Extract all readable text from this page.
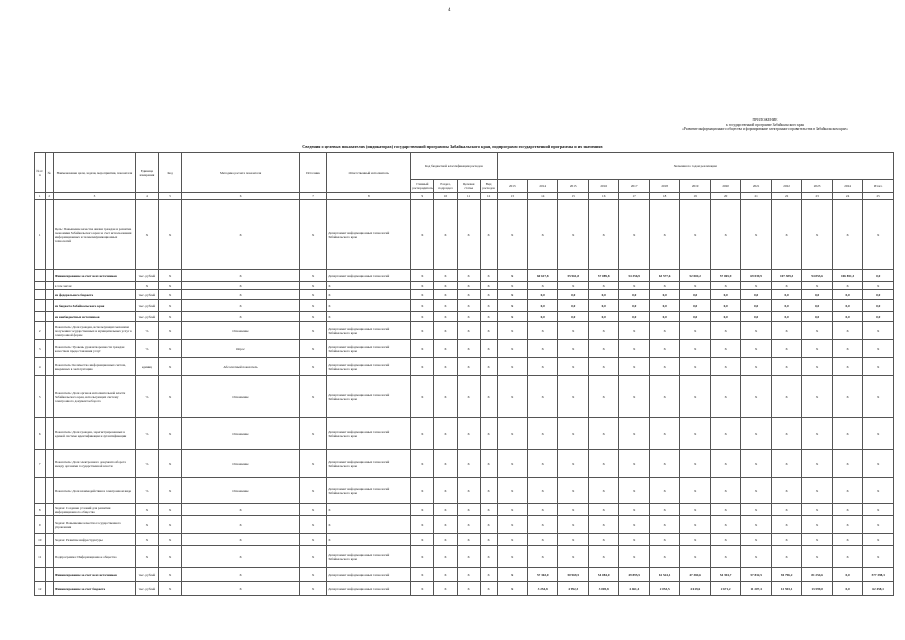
4
ПРИЛОЖЕНИЕ
к государственной программе Забайкальского края
«Развитие информационного общества и формирование электронного правительства в Забайкальском крае»
Сведения о целевых показателях (индикаторах) государственной программы Забайкальского края, подпрограмм государственной программы и их значениях
№ п/п	№	Наименование цели, задачи, мероприятия, показателя	Единица измерения	Код	Методика расчета показателя	Источник	Ответственный исполнитель	Код бюджетной классификации расходов				Значения по годам реализации												
								Главный распорядитель	Раздел, подраздел	Целевая статья	Вид расходов	2013	2014	2015	2016	2017	2018	2019	2020	2021	2022	2023	2024	Итого
1	2	3	4	5	6	7	8	9	10	11	12	13	14	15	16	17	18	19	20	21	22	23	24	25
1		Цель: Повышение качества жизни граждан и развитие экономики Забайкальского края за счет использования информационных и телекоммуникационных технологий	X	X	X	X	Департамент информационных технологий Забайкальского края	X	X	X	X	X	X	X	X	X	X	X	X	X	X	X	X	X
		Финансирование за счет всех источников	тыс. рублей	X	X	X	Департамент информационных технологий	X	X	X	X	X	60 617,8	55 961,8	57 089,8	54 356,9	63 577,6	52 004,2	57 065,9	69 039,9	107 389,3	94 853,6	106 851,3	0,0
		в том числе:	X	X	X	X	X	X	X	X	X	X	X	X	X	X	X	X	X	X	X	X	X	X
		из федерального бюджета	тыс. рублей	X	X	X	X	X	X	X	X	X	0,0	0,0	0,0	0,0	0,0	0,0	0,0	0,0	0,0	0,0	0,0	0,0
		из бюджета Забайкальского края	тыс. рублей	X	X	X	X	X	X	X	X	X	0,0	0,0	0,0	0,0	0,0	0,0	0,0	0,0	0,0	0,0	0,0	0,0
		из внебюджетных источников	тыс. рублей	X	X	X	X	X	X	X	X	X	0,0	0,0	0,0	0,0	0,0	0,0	0,0	0,0	0,0	0,0	0,0	0,0
2		Показатель: Доля граждан, использующих механизм получения государственных и муниципальных услуг в электронной форме	%	X	Отношение	X	Департамент информационных технологий Забайкальского края	X	X	X	X	X	X	X	X	X	X	X	X	X	X	X	X	X
3		Показатель: Уровень удовлетворенности граждан качеством предоставления услуг	%	X	Опрос	X	Департамент информационных технологий Забайкальского края	X	X	X	X	X	X	X	X	X	X	X	X	X	X	X	X	X
4		Показатель: Количество информационных систем, введенных в эксплуатацию	единиц	X	Абсолютный показатель	X	Департамент информационных технологий Забайкальского края	X	X	X	X	X	X	X	X	X	X	X	X	X	X	X	X	X
5		Показатель: Доля органов исполнительной власти Забайкальского края, использующих систему электронного документооборота	%	X	Отношение	X	Департамент информационных технологий Забайкальского края	X	X	X	X	X	X	X	X	X	X	X	X	X	X	X	X	X
6		Показатель: Доля граждан, зарегистрированных в единой системе идентификации и аутентификации	%	X	Отношение	X	Департамент информационных технологий Забайкальского края	X	X	X	X	X	X	X	X	X	X	X	X	X	X	X	X	X
7		Показатель: Доля электронного документооборота между органами государственной власти	%	X	Отношение	X	Департамент информационных технологий Забайкальского края	X	X	X	X	X	X	X	X	X	X	X	X	X	X	X	X	X
		Показатель: Доля взаимодействия в электронном виде	%	X	Отношение	X	Департамент информационных технологий Забайкальского края	X	X	X	X	X	X	X	X	X	X	X	X	X	X	X	X	X
8		Задача: Создание условий для развития информационного общества	X	X	X	X	X	X	X	X	X	X	X	X	X	X	X	X	X	X	X	X	X	X
9		Задача: Повышение качества государственного управления	X	X	X	X	X	X	X	X	X	X	X	X	X	X	X	X	X	X	X	X	X	X
10		Задача: Развитие инфраструктуры	X	X	X	X	X	X	X	X	X	X	X	X	X	X	X	X	X	X	X	X	X	X
11		Подпрограмма: Информационное общество	X	X	X	X	Департамент информационных технологий Забайкальского края	X	X	X	X	X	X	X	X	X	X	X	X	X	X	X	X	X
		Финансирование за счет всех источников	тыс. рублей	X	X	X	Департамент информационных технологий	X	X	X	X	X	57 363,0	50 969,5	54 084,0	49 895,5	61 524,1	47 384,6	54 394,7	57 832,5	94 796,2	81 254,6	0,0	577 398,3
12		Финансирование за счет бюджета	тыс. рублей	X	X	X	Департамент информационных технологий	X	X	X	X	X	3 254,8	4 992,3	3 005,8	4 461,4	2 053,5	4 619,6	2 671,2	11 207,4	12 593,1	13 599,0	0,0	62 458,1
